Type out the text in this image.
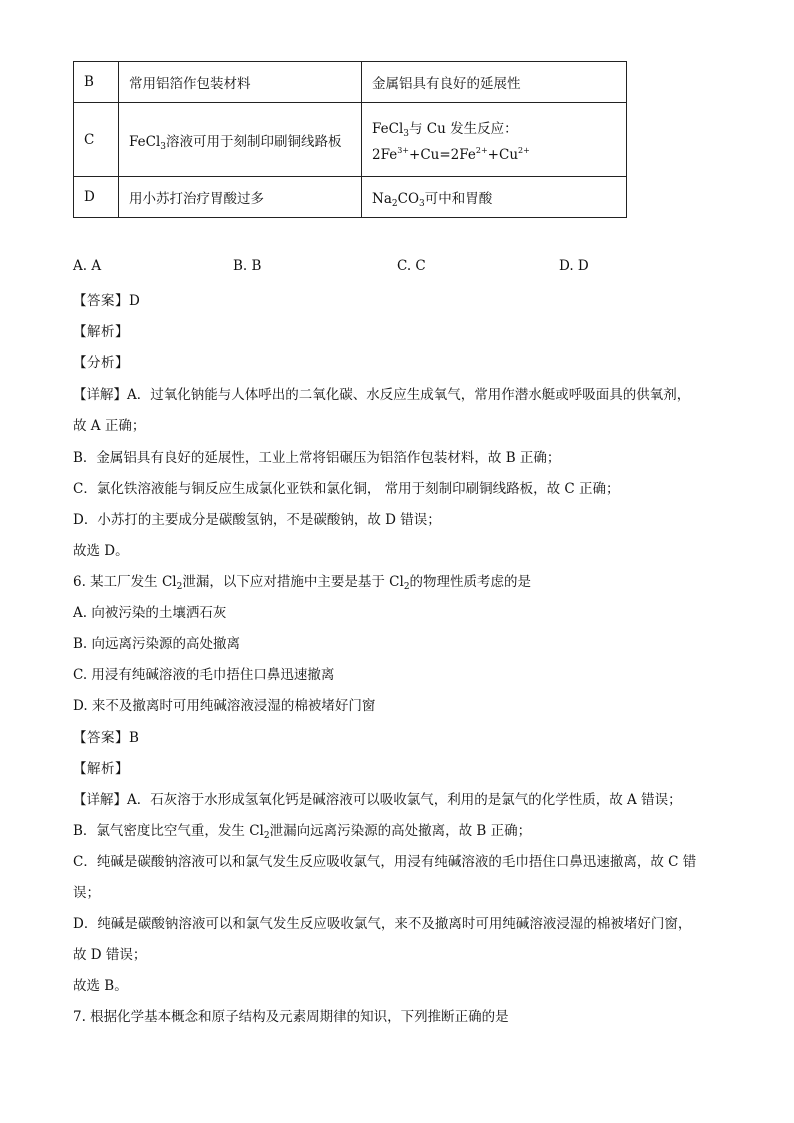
B	常用铝箔作包装材料	金属铝具有良好的延展性
C	FeCl$_3$溶液可用于刻制印刷铜线路板	FeCl$_3$与 Cu 发生反应：
$2Fe^{3+}+Cu=2Fe^{2+}+Cu^{2+}$
D	用小苏打治疗胃酸过多	$Na_2CO_3$可中和胃酸
A. A	B. B	C. C	D. D
【答案】D
【解析】
【分析】
【详解】A．过氧化钠能与人体呼出的二氧化碳、水反应生成氧气，常用作潜水艇或呼吸面具的供氧剂，
故 A 正确；
B．金属铝具有良好的延展性，工业上常将铝碾压为铝箔作包装材料，故 B 正确；
C．氯化铁溶液能与铜反应生成氯化亚铁和氯化铜， 常用于刻制印刷铜线路板，故 C 正确；
D．小苏打的主要成分是碳酸氢钠，不是碳酸钠，故 D 错误；
故选 D。
6. 某工厂发生 $Cl_2$泄漏，以下应对措施中主要是基于 $Cl_2$的物理性质考虑的是
A. 向被污染的土壤洒石灰
B. 向远离污染源的高处撤离
C. 用浸有纯碱溶液的毛巾捂住口鼻迅速撤离
D. 来不及撤离时可用纯碱溶液浸湿的棉被堵好门窗
【答案】B
【解析】
【详解】A．石灰溶于水形成氢氧化钙是碱溶液可以吸收氯气，利用的是氯气的化学性质，故 A 错误；
B．氯气密度比空气重，发生 $Cl_2$泄漏向远离污染源的高处撤离，故 B 正确；
C．纯碱是碳酸钠溶液可以和氯气发生反应吸收氯气，用浸有纯碱溶液的毛巾捂住口鼻迅速撤离，故 C 错
误；
D．纯碱是碳酸钠溶液可以和氯气发生反应吸收氯气，来不及撤离时可用纯碱溶液浸湿的棉被堵好门窗，
故 D 错误；
故选 B。
7. 根据化学基本概念和原子结构及元素周期律的知识，下列推断正确的是
